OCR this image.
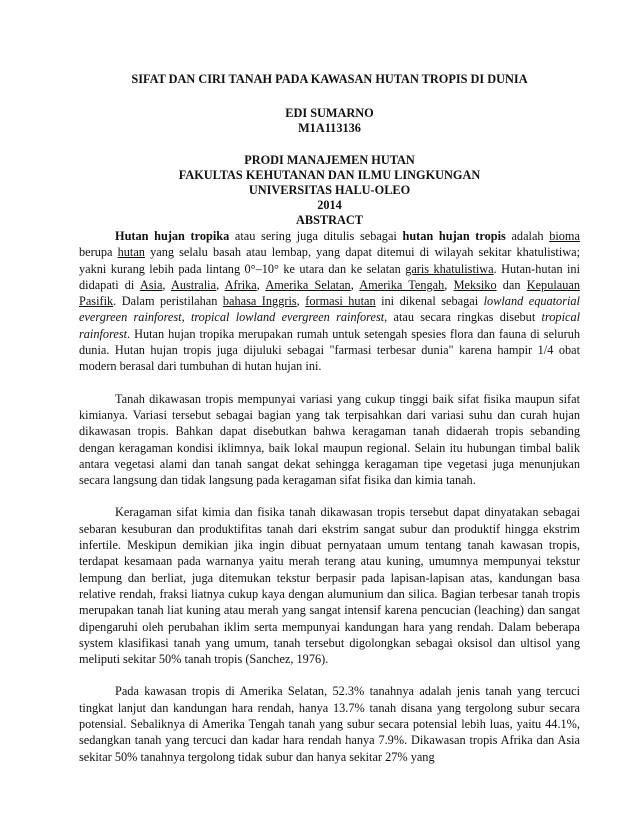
SIFAT DAN CIRI TANAH PADA KAWASAN HUTAN TROPIS DI DUNIA

EDI SUMARNO

M1A113136

PRODI MANAJEMEN HUTAN

FAKULTAS KEHUTANAN DAN ILMU LINGKUNGAN

UNIVERSITAS HALU-OLEO

2014

ABSTRACT

Hutan hujan tropika atau sering juga ditulis sebagai hutan hujan tropis adalah bioma berupa hutan yang selalu basah atau lembap, yang dapat ditemui di wilayah sekitar khatulistiwa; yakni kurang lebih pada lintang 0°–10° ke utara dan ke selatan garis khatulistiwa. Hutan-hutan ini didapati di Asia, Australia, Afrika, Amerika Selatan, Amerika Tengah, Meksiko dan Kepulauan Pasifik. Dalam peristilahan bahasa Inggris, formasi hutan ini dikenal sebagai lowland equatorial evergreen rainforest, tropical lowland evergreen rainforest, atau secara ringkas disebut tropical rainforest. Hutan hujan tropika merupakan rumah untuk setengah spesies flora dan fauna di seluruh dunia. Hutan hujan tropis juga dijuluki sebagai "farmasi terbesar dunia" karena hampir 1/4 obat modern berasal dari tumbuhan di hutan hujan ini.

Tanah dikawasan tropis mempunyai variasi yang cukup tinggi baik sifat fisika maupun sifat kimianya. Variasi tersebut sebagai bagian yang tak terpisahkan dari variasi suhu dan curah hujan dikawasan tropis. Bahkan dapat disebutkan bahwa keragaman tanah didaerah tropis sebanding dengan keragaman kondisi iklimnya, baik lokal maupun regional. Selain itu hubungan timbal balik antara vegetasi alami dan tanah sangat dekat sehingga keragaman tipe vegetasi juga menunjukan secara langsung dan tidak langsung pada keragaman sifat fisika dan kimia tanah.

Keragaman sifat kimia dan fisika tanah dikawasan tropis tersebut dapat dinyatakan sebagai sebaran kesuburan dan produktifitas tanah dari ekstrim sangat subur dan produktif hingga ekstrim infertile. Meskipun demikian jika ingin dibuat pernyataan umum tentang tanah kawasan tropis, terdapat kesamaan pada warnanya yaitu merah terang atau kuning, umumnya mempunyai tekstur lempung dan berliat, juga ditemukan tekstur berpasir pada lapisan-lapisan atas, kandungan basa relative rendah, fraksi liatnya cukup kaya dengan alumunium dan silica. Bagian terbesar tanah tropis merupakan tanah liat kuning atau merah yang sangat intensif karena pencucian (leaching) dan sangat dipengaruhi oleh perubahan iklim serta mempunyai kandungan hara yang rendah. Dalam beberapa system klasifikasi tanah yang umum, tanah tersebut digolongkan sebagai oksisol dan ultisol yang meliputi sekitar 50% tanah tropis (Sanchez, 1976).

Pada kawasan tropis di Amerika Selatan, 52.3% tanahnya adalah jenis tanah yang tercuci tingkat lanjut dan kandungan hara rendah, hanya 13.7% tanah disana yang tergolong subur secara potensial. Sebaliknya di Amerika Tengah tanah yang subur secara potensial lebih luas, yaitu 44.1%, sedangkan tanah yang tercuci dan kadar hara rendah hanya 7.9%. Dikawasan tropis Afrika dan Asia sekitar 50% tanahnya tergolong tidak subur dan hanya sekitar 27% yang
